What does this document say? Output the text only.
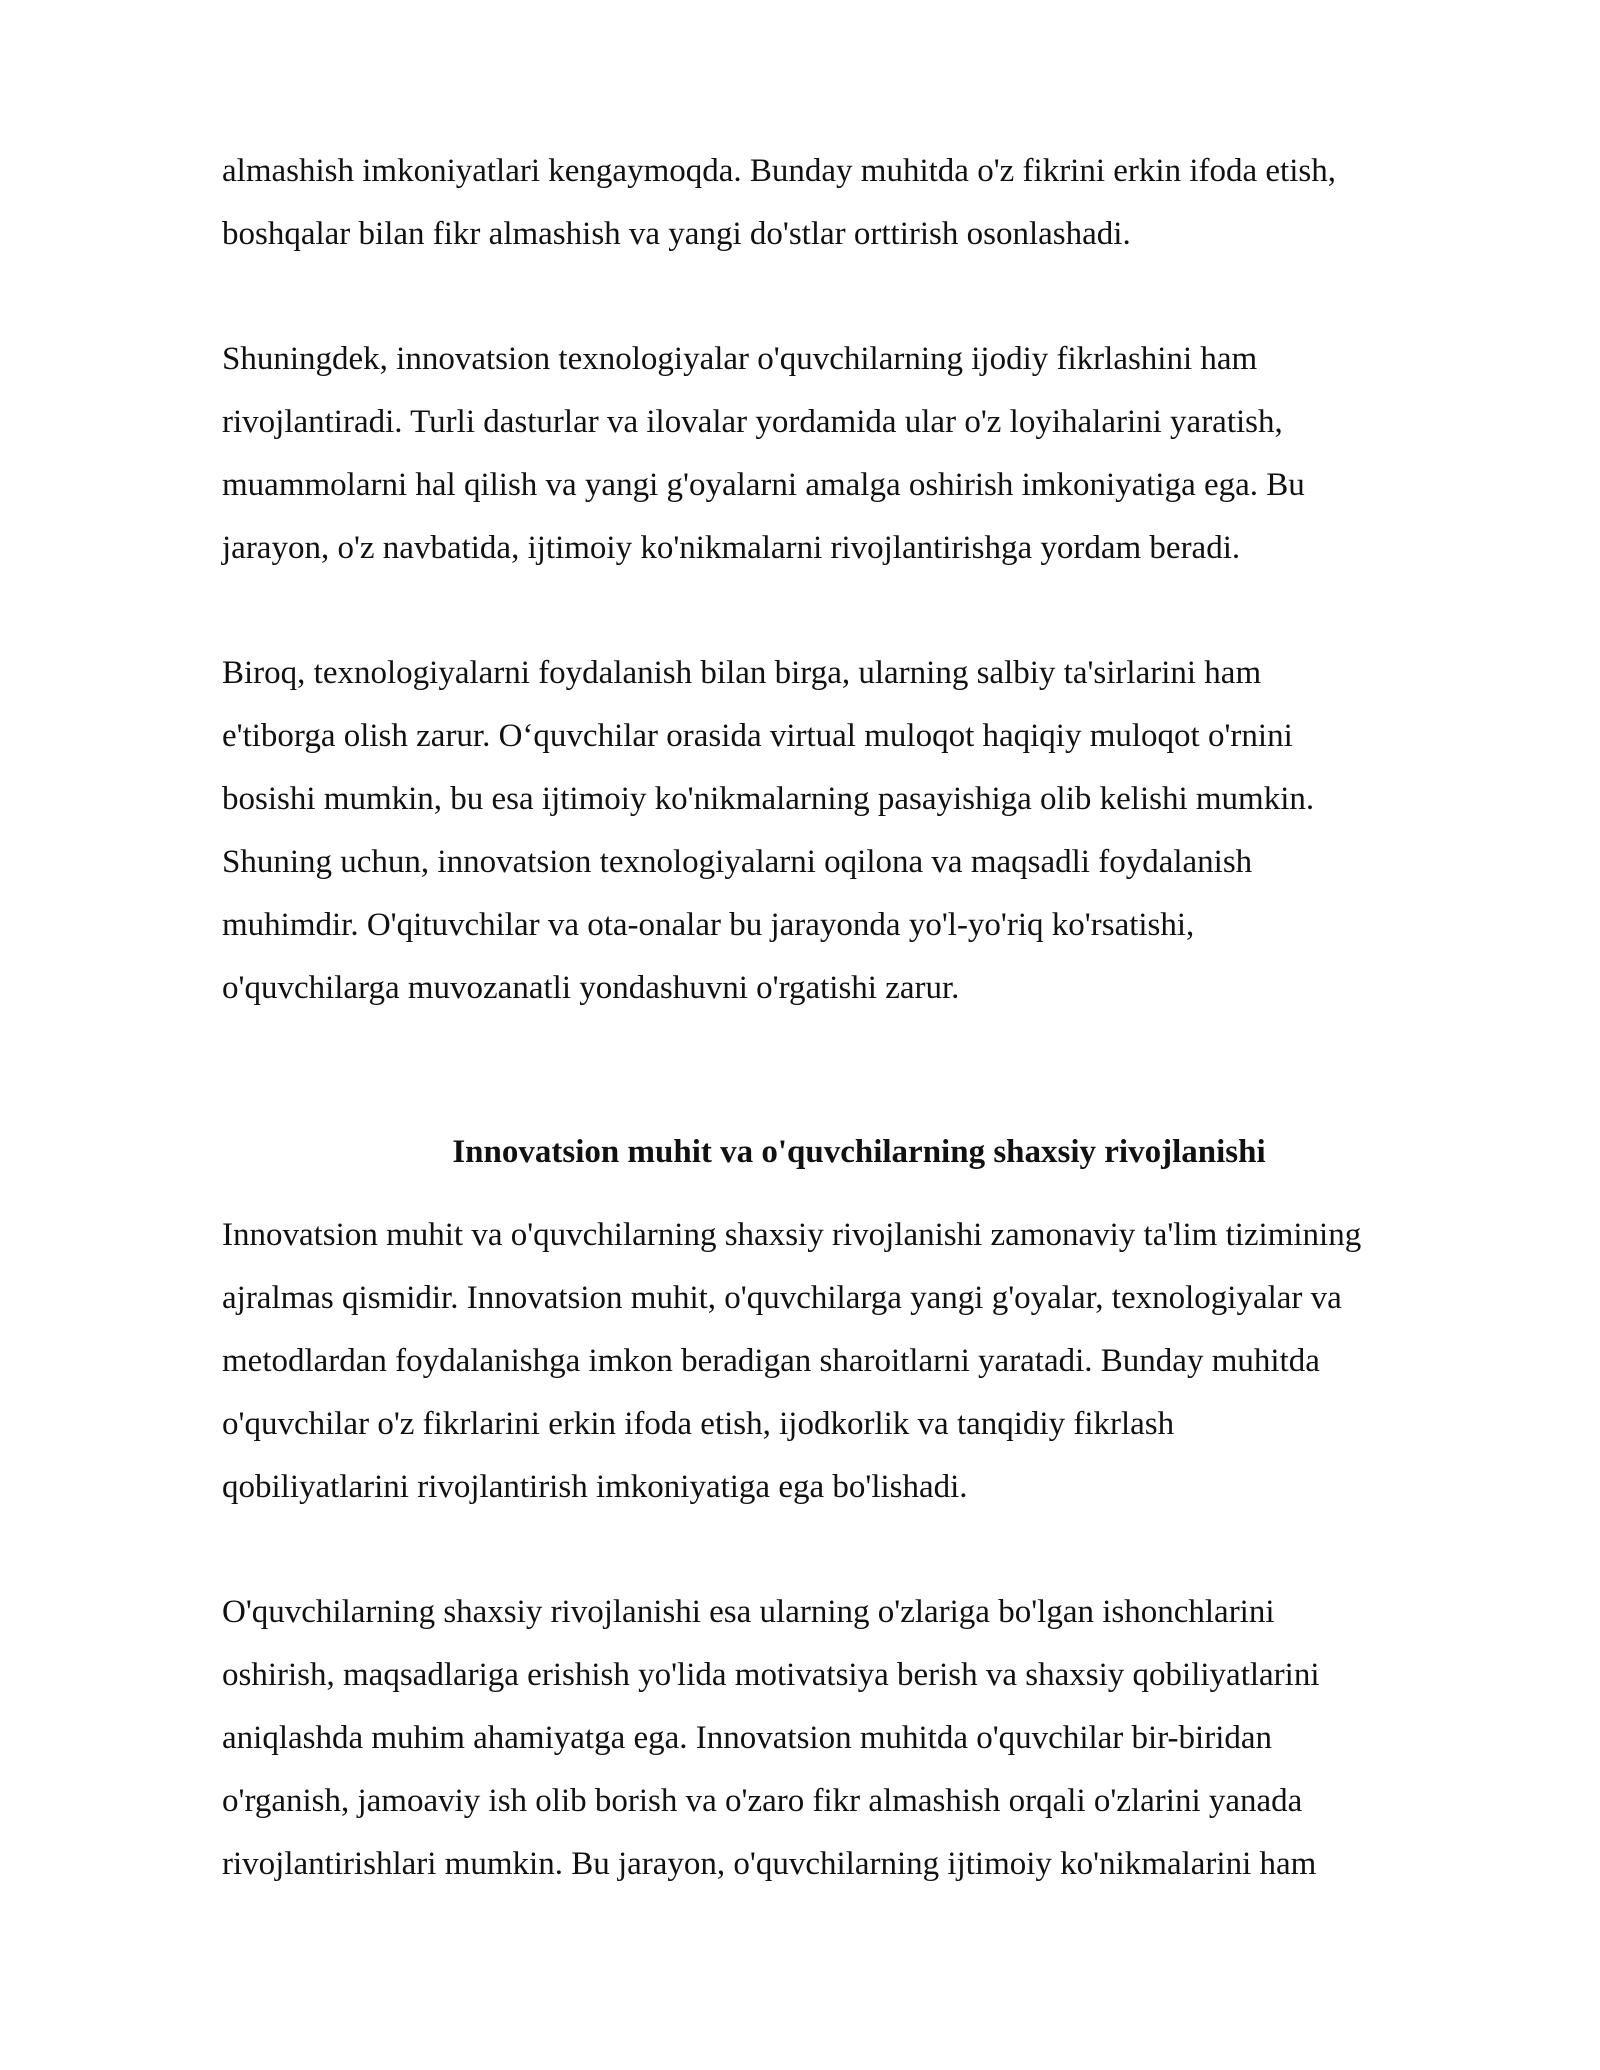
almashish imkoniyatlari kengaymoqda. Bunday muhitda o'z fikrini erkin ifoda etish,
boshqalar bilan fikr almashish va yangi do'stlar orttirish osonlashadi.

Shuningdek, innovatsion texnologiyalar o'quvchilarning ijodiy fikrlashini ham
rivojlantiradi. Turli dasturlar va ilovalar yordamida ular o'z loyihalarini yaratish,
muammolarni hal qilish va yangi g'oyalarni amalga oshirish imkoniyatiga ega. Bu
jarayon, o'z navbatida, ijtimoiy ko'nikmalarni rivojlantirishga yordam beradi.

Biroq, texnologiyalarni foydalanish bilan birga, ularning salbiy ta'sirlarini ham
e'tiborga olish zarur. O‘quvchilar orasida virtual muloqot haqiqiy muloqot o'rnini
bosishi mumkin, bu esa ijtimoiy ko'nikmalarning pasayishiga olib kelishi mumkin.
Shuning uchun, innovatsion texnologiyalarni oqilona va maqsadli foydalanish
muhimdir. O'qituvchilar va ota-onalar bu jarayonda yo'l-yo'riq ko'rsatishi,
o'quvchilarga muvozanatli yondashuvni o'rgatishi zarur.

Innovatsion muhit va o'quvchilarning shaxsiy rivojlanishi

Innovatsion muhit va o'quvchilarning shaxsiy rivojlanishi zamonaviy ta'lim tizimining
ajralmas qismidir. Innovatsion muhit, o'quvchilarga yangi g'oyalar, texnologiyalar va
metodlardan foydalanishga imkon beradigan sharoitlarni yaratadi. Bunday muhitda
o'quvchilar o'z fikrlarini erkin ifoda etish, ijodkorlik va tanqidiy fikrlash
qobiliyatlarini rivojlantirish imkoniyatiga ega bo'lishadi.

O'quvchilarning shaxsiy rivojlanishi esa ularning o'zlariga bo'lgan ishonchlarini
oshirish, maqsadlariga erishish yo'lida motivatsiya berish va shaxsiy qobiliyatlarini
aniqlashda muhim ahamiyatga ega. Innovatsion muhitda o'quvchilar bir-biridan
o'rganish, jamoaviy ish olib borish va o'zaro fikr almashish orqali o'zlarini yanada
rivojlantirishlari mumkin. Bu jarayon, o'quvchilarning ijtimoiy ko'nikmalarini ham
